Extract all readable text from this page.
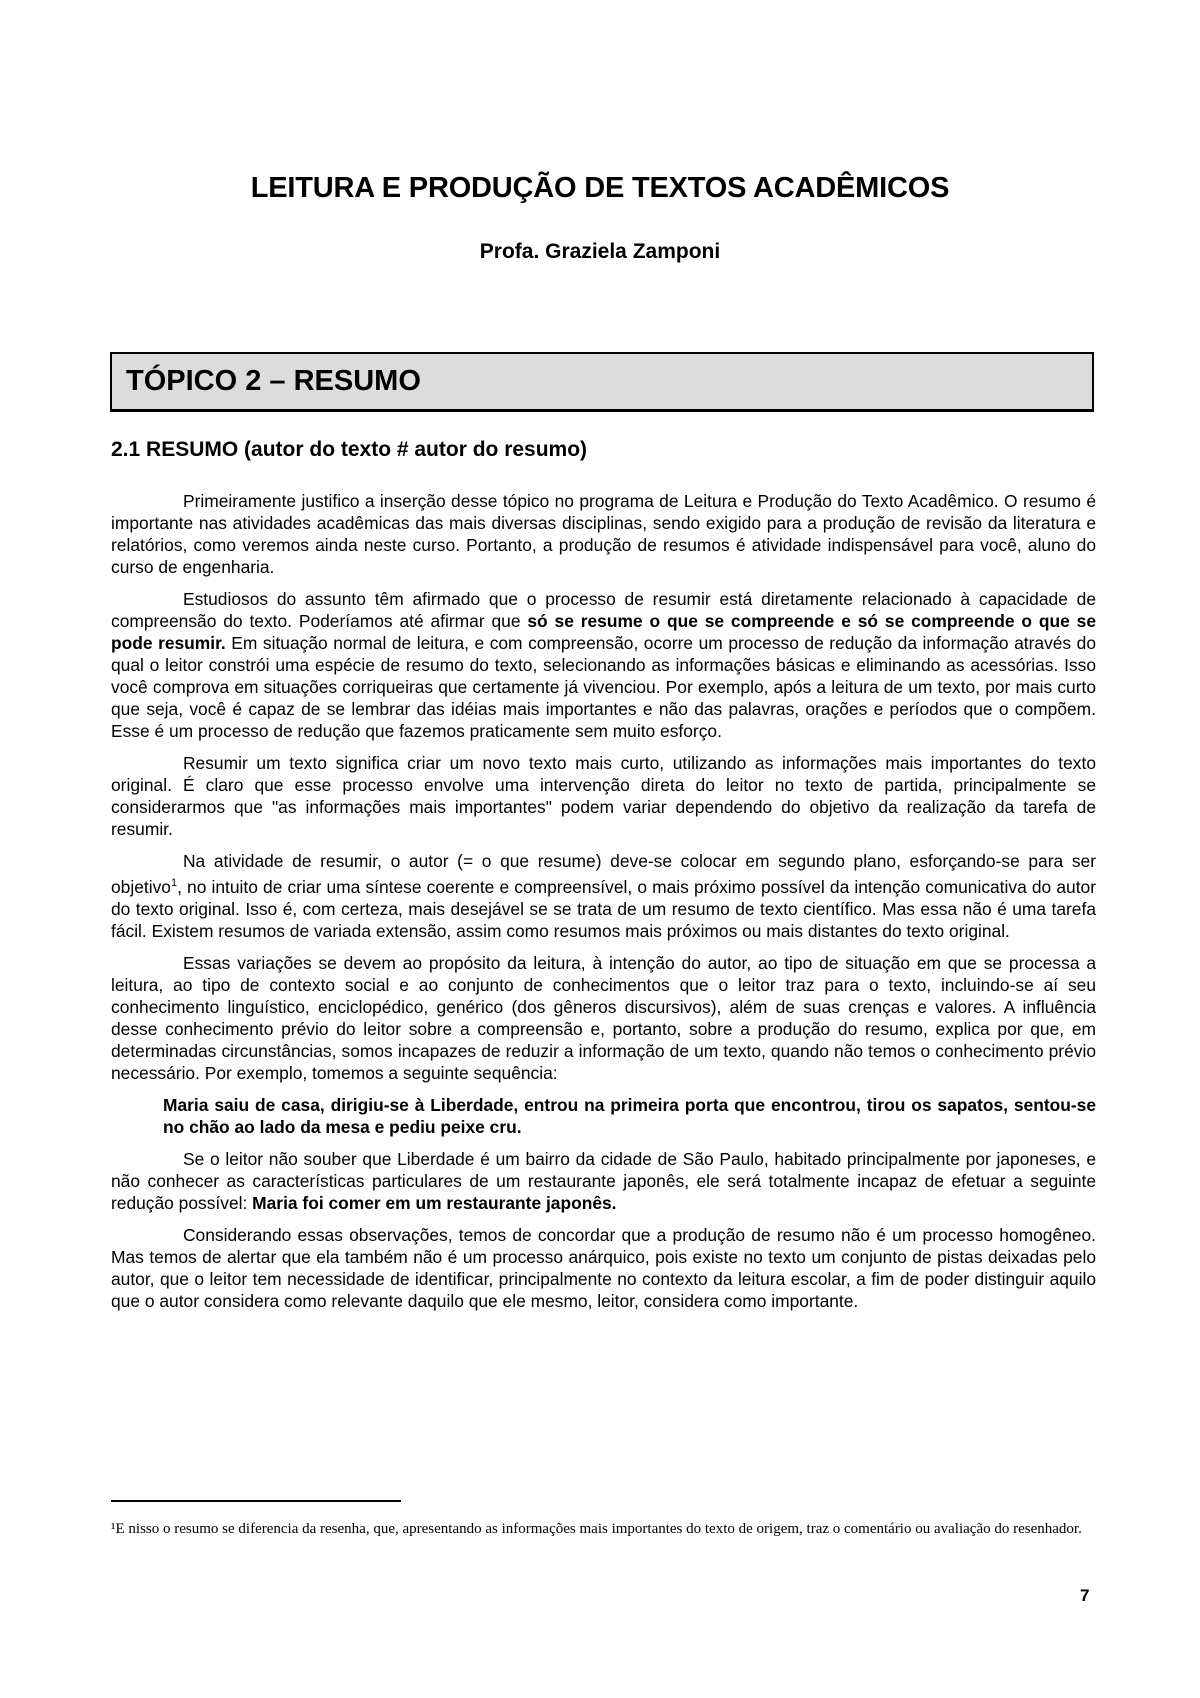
LEITURA E PRODUÇÃO DE TEXTOS ACADÊMICOS
Profa. Graziela Zamponi
TÓPICO 2 – RESUMO
2.1 RESUMO (autor do texto # autor do resumo)

Primeiramente justifico a inserção desse tópico no programa de Leitura e Produção do Texto Acadêmico. O resumo é importante nas atividades acadêmicas das mais diversas disciplinas, sendo exigido para a produção de revisão da literatura e relatórios, como veremos ainda neste curso. Portanto, a produção de resumos é atividade indispensável para você, aluno do curso de engenharia.

Estudiosos do assunto têm afirmado que o processo de resumir está diretamente relacionado à capacidade de compreensão do texto. Poderíamos até afirmar que só se resume o que se compreende e só se compreende o que se pode resumir. Em situação normal de leitura, e com compreensão, ocorre um processo de redução da informação através do qual o leitor constrói uma espécie de resumo do texto, selecionando as informações básicas e eliminando as acessórias. Isso você comprova em situações corriqueiras que certamente já vivenciou. Por exemplo, após a leitura de um texto, por mais curto que seja, você é capaz de se lembrar das idéias mais importantes e não das palavras, orações e períodos que o compõem. Esse é um processo de redução que fazemos praticamente sem muito esforço.

Resumir um texto significa criar um novo texto mais curto, utilizando as informações mais importantes do texto original. É claro que esse processo envolve uma intervenção direta do leitor no texto de partida, principalmente se considerarmos que "as informações mais importantes" podem variar dependendo do objetivo da realização da tarefa de resumir.

Na atividade de resumir, o autor (= o que resume) deve-se colocar em segundo plano, esforçando-se para ser objetivo$^1$, no intuito de criar uma síntese coerente e compreensível, o mais próximo possível da intenção comunicativa do autor do texto original. Isso é, com certeza, mais desejável se se trata de um resumo de texto científico. Mas essa não é uma tarefa fácil. Existem resumos de variada extensão, assim como resumos mais próximos ou mais distantes do texto original.

Essas variações se devem ao propósito da leitura, à intenção do autor, ao tipo de situação em que se processa a leitura, ao tipo de contexto social e ao conjunto de conhecimentos que o leitor traz para o texto, incluindo-se aí seu conhecimento linguístico, enciclopédico, genérico (dos gêneros discursivos), além de suas crenças e valores. A influência desse conhecimento prévio do leitor sobre a compreensão e, portanto, sobre a produção do resumo, explica por que, em determinadas circunstâncias, somos incapazes de reduzir a informação de um texto, quando não temos o conhecimento prévio necessário. Por exemplo, tomemos a seguinte sequência:

Maria saiu de casa, dirigiu-se à Liberdade, entrou na primeira porta que encontrou, tirou os sapatos, sentou-se no chão ao lado da mesa e pediu peixe cru.

Se o leitor não souber que Liberdade é um bairro da cidade de São Paulo, habitado principalmente por japoneses, e não conhecer as características particulares de um restaurante japonês, ele será totalmente incapaz de efetuar a seguinte redução possível: Maria foi comer em um restaurante japonês.

Considerando essas observações, temos de concordar que a produção de resumo não é um processo homogêneo. Mas temos de alertar que ela também não é um processo anárquico, pois existe no texto um conjunto de pistas deixadas pelo autor, que o leitor tem necessidade de identificar, principalmente no contexto da leitura escolar, a fim de poder distinguir aquilo que o autor considera como relevante daquilo que ele mesmo, leitor, considera como importante.

¹E nisso o resumo se diferencia da resenha, que, apresentando as informações mais importantes do texto de origem, traz o comentário ou avaliação do resenhador.
7
